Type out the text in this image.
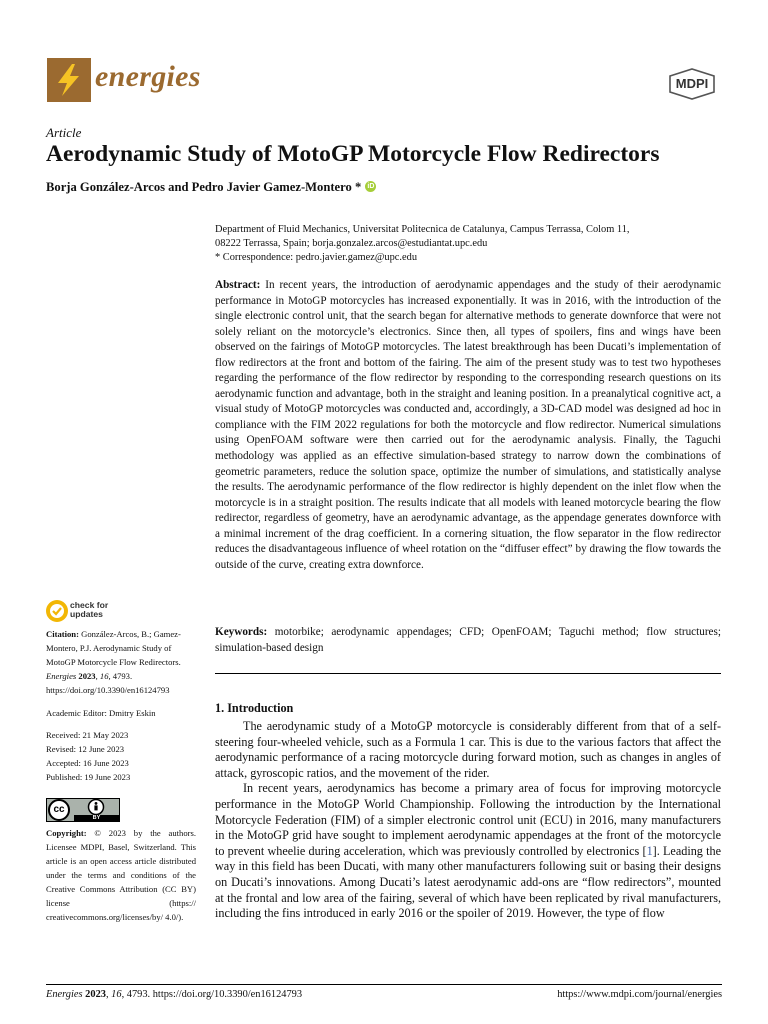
energies	MDPI
Article
Aerodynamic Study of MotoGP Motorcycle Flow Redirectors
Borja González-Arcos and Pedro Javier Gamez-Montero * iD
Department of Fluid Mechanics, Universitat Politecnica de Catalunya, Campus Terrassa, Colom 11,
08222 Terrassa, Spain; borja.gonzalez.arcos@estudiantat.upc.edu
* Correspondence: pedro.javier.gamez@upc.edu

Abstract: In recent years, the introduction of aerodynamic appendages and the study of their aerodynamic performance in MotoGP motorcycles has increased exponentially. It was in 2016, with the introduction of the single electronic control unit, that the search began for alternative methods to generate downforce that were not solely reliant on the motorcycle’s electronics. Since then, all types of spoilers, fins and wings have been observed on the fairings of MotoGP motorcycles. The latest breakthrough has been Ducati’s implementation of flow redirectors at the front and bottom of the fairing. The aim of the present study was to test two hypotheses regarding the performance of the flow redirector by responding to the corresponding research questions on its aerodynamic function and advantage, both in the straight and leaning position. In a preanalytical cognitive act, a visual study of MotoGP motorcycles was conducted and, accordingly, a 3D-CAD model was designed ad hoc in compliance with the FIM 2022 regulations for both the motorcycle and flow redirector. Numerical simulations using OpenFOAM software were then carried out for the aerodynamic analysis. Finally, the Taguchi methodology was applied as an effective simulation-based strategy to narrow down the combinations of geometric parameters, reduce the solution space, optimize the number of simulations, and statistically analyse the results. The aerodynamic performance of the flow redirector is highly dependent on the inlet flow when the motorcycle is in a straight position. The results indicate that all models with leaned motorcycle bearing the flow redirector, regardless of geometry, have an aerodynamic advantage, as the appendage generates downforce with a minimal increment of the drag coefficient. In a cornering situation, the flow separator in the flow redirector reduces the disadvantageous influence of wheel rotation on the “diffuser effect” by drawing the flow towards the outside of the curve, creating extra downforce.

Keywords: motorbike; aerodynamic appendages; CFD; OpenFOAM; Taguchi method; flow structures; simulation-based design

check for
updates
Citation: González-Arcos, B.; Gamez-Montero, P.J. Aerodynamic Study of MotoGP Motorcycle Flow Redirectors. Energies 2023, 16, 4793. https://doi.org/10.3390/en16124793
Academic Editor: Dmitry Eskin
Received: 21 May 2023
Revised: 12 June 2023
Accepted: 16 June 2023
Published: 19 June 2023
cc
BY
Copyright: © 2023 by the authors. Licensee MDPI, Basel, Switzerland. This article is an open access article distributed under the terms and conditions of the Creative Commons Attribution (CC BY) license (https:// creativecommons.org/licenses/by/ 4.0/).
1. Introduction

The aerodynamic study of a MotoGP motorcycle is considerably different from that of a self-steering four-wheeled vehicle, such as a Formula 1 car. This is due to the various factors that affect the aerodynamic performance of a racing motorcycle during forward motion, such as changes in angles of attack, gyroscopic ratios, and the movement of the rider.

In recent years, aerodynamics has become a primary area of focus for improving motorcycle performance in the MotoGP World Championship. Following the introduction by the International Motorcycle Federation (FIM) of a simpler electronic control unit (ECU) in 2016, many manufacturers in the MotoGP grid have sought to implement aerodynamic appendages at the front of the motorcycle to prevent wheelie during acceleration, which was previously controlled by electronics [1]. Leading the way in this field has been Ducati, with many other manufacturers following suit or basing their designs on Ducati’s innovations. Among Ducati’s latest aerodynamic add-ons are “flow redirectors”, mounted at the frontal and low area of the fairing, several of which have been replicated by rival manufacturers, including the fins introduced in early 2016 or the spoiler of 2019. However, the type of flow

Energies 2023, 16, 4793. https://doi.org/10.3390/en16124793	https://www.mdpi.com/journal/energies
